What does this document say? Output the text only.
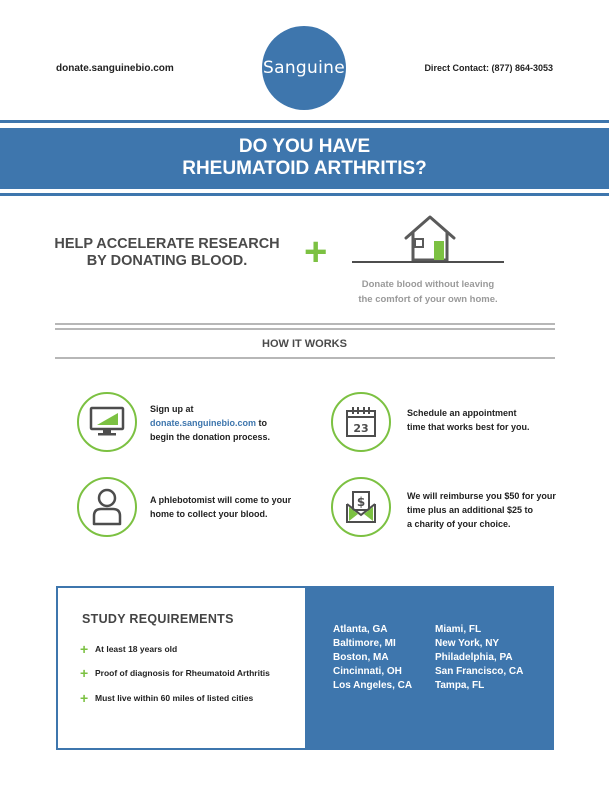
donate.sanguinebio.com	Sanguine	Direct Contact: (877) 864-3053
DO YOU HAVE
RHEUMATOID ARTHRITIS?
HELP ACCELERATE RESEARCH
BY DONATING BLOOD.	+
Donate blood without leaving
the comfort of your own home.
HOW IT WORKS
Sign up at
donate.sanguinebio.com to
begin the donation process.
23
Schedule an appointment
time that works best for you.
A phlebotomist will come to your
home to collect your blood.
$	We will reimburse you $50 for your
time plus an additional $25 to
a charity of your choice.
STUDY REQUIREMENTS
+ At least 18 years old
+ Proof of diagnosis for Rheumatoid Arthritis
+ Must live within 60 miles of listed cities
Atlanta, GA
Baltimore, MI
Boston, MA
Cincinnati, OH
Los Angeles, CA
Miami, FL
New York, NY
Philadelphia, PA
San Francisco, CA
Tampa, FL
